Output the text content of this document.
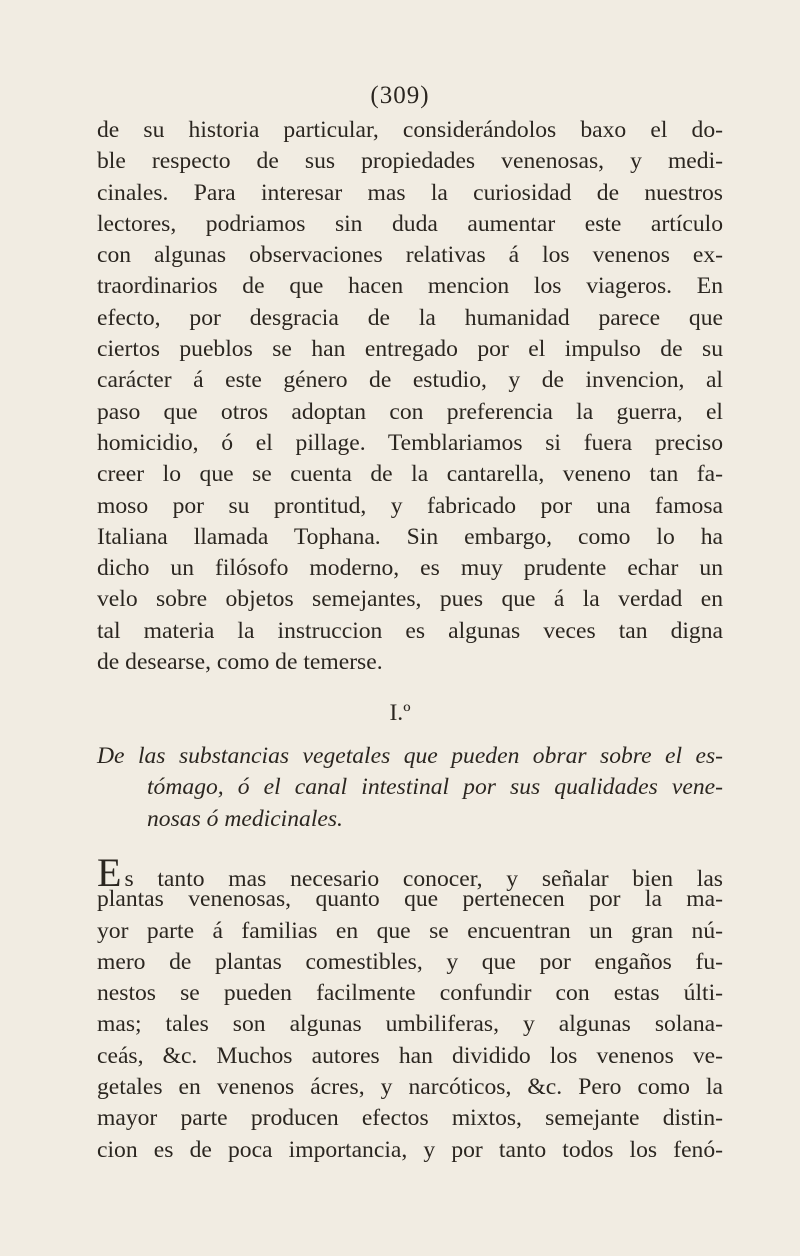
(309)
de su historia particular, considerándolos baxo el do-
ble respecto de sus propiedades venenosas, y medi-
cinales. Para interesar mas la curiosidad de nuestros
lectores, podriamos sin duda aumentar este artículo
con algunas observaciones relativas á los venenos ex-
traordinarios de que hacen mencion los viageros. En
efecto, por desgracia de la humanidad parece que
ciertos pueblos se han entregado por el impulso de su
carácter á este género de estudio, y de invencion, al
paso que otros adoptan con preferencia la guerra, el
homicidio, ó el pillage. Temblariamos si fuera preciso
creer lo que se cuenta de la cantarella, veneno tan fa-
moso por su prontitud, y fabricado por una famosa
Italiana llamada Tophana. Sin embargo, como lo ha
dicho un filósofo moderno, es muy prudente echar un
velo sobre objetos semejantes, pues que á la verdad en
tal materia la instruccion es algunas veces tan digna
de desearse, como de temerse.
I.º
De las substancias vegetales que pueden obrar sobre el es-
tómago, ó el canal intestinal por sus qualidades vene-
nosas ó medicinales.
Es tanto mas necesario conocer, y señalar bien las
plantas venenosas, quanto que pertenecen por la ma-
yor parte á familias en que se encuentran un gran nú-
mero de plantas comestibles, y que por engaños fu-
nestos se pueden facilmente confundir con estas últi-
mas; tales son algunas umbiliferas, y algunas solana-
ceás, &c. Muchos autores han dividido los venenos ve-
getales en venenos ácres, y narcóticos, &c. Pero como la
mayor parte producen efectos mixtos, semejante distin-
cion es de poca importancia, y por tanto todos los fenó-
